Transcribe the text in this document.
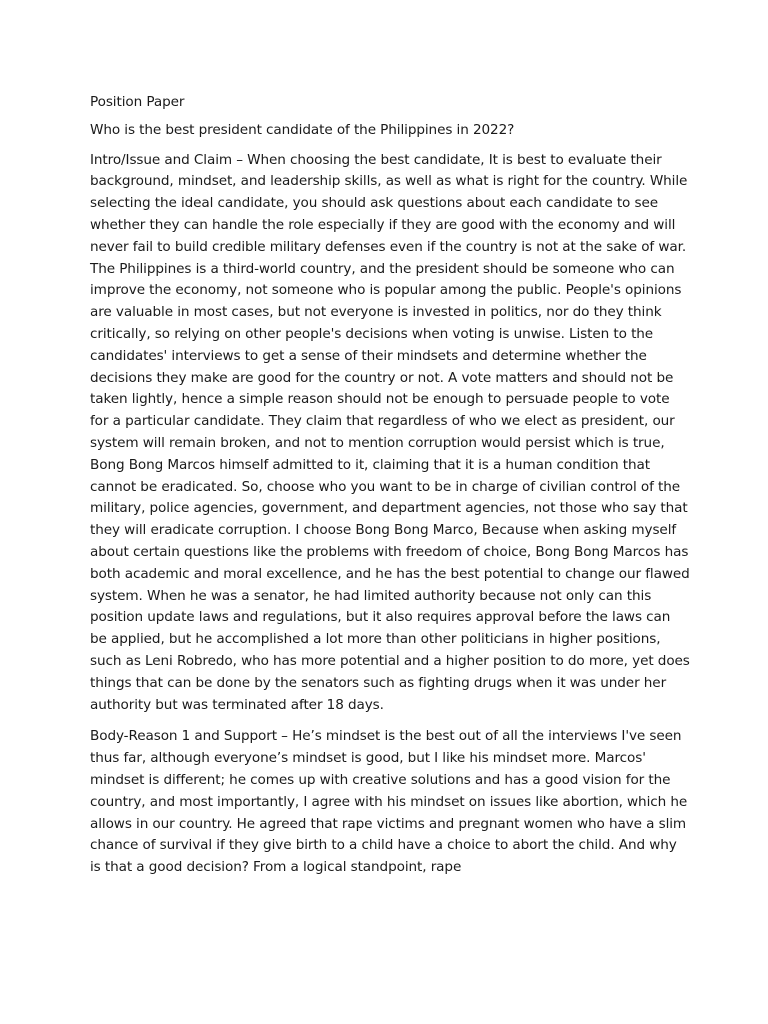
Position Paper
Who is the best president candidate of the Philippines in 2022?
Intro/Issue and Claim – When choosing the best candidate, It is best to evaluate their background, mindset, and leadership skills, as well as what is right for the country. While selecting the ideal candidate, you should ask questions about each candidate to see whether they can handle the role especially if they are good with the economy and will never fail to build credible military defenses even if the country is not at the sake of war. The Philippines is a third-world country, and the president should be someone who can improve the economy, not someone who is popular among the public. People's opinions are valuable in most cases, but not everyone is invested in politics, nor do they think critically, so relying on other people's decisions when voting is unwise. Listen to the candidates' interviews to get a sense of their mindsets and determine whether the decisions they make are good for the country or not. A vote matters and should not be taken lightly, hence a simple reason should not be enough to persuade people to vote for a particular candidate. They claim that regardless of who we elect as president, our system will remain broken, and not to mention corruption would persist which is true, Bong Bong Marcos himself admitted to it, claiming that it is a human condition that cannot be eradicated. So, choose who you want to be in charge of civilian control of the military, police agencies, government, and department agencies, not those who say that they will eradicate corruption. I choose Bong Bong Marco, Because when asking myself about certain questions like the problems with freedom of choice, Bong Bong Marcos has both academic and moral excellence, and he has the best potential to change our flawed system. When he was a senator, he had limited authority because not only can this position update laws and regulations, but it also requires approval before the laws can be applied, but he accomplished a lot more than other politicians in higher positions, such as Leni Robredo, who has more potential and a higher position to do more, yet does things that can be done by the senators such as fighting drugs when it was under her authority but was terminated after 18 days.
Body-Reason 1 and Support – He’s mindset is the best out of all the interviews I've seen thus far, although everyone’s mindset is good, but I like his mindset more. Marcos' mindset is different; he comes up with creative solutions and has a good vision for the country, and most importantly, I agree with his mindset on issues like abortion, which he allows in our country. He agreed that rape victims and pregnant women who have a slim chance of survival if they give birth to a child have a choice to abort the child. And why is that a good decision? From a logical standpoint, rape
